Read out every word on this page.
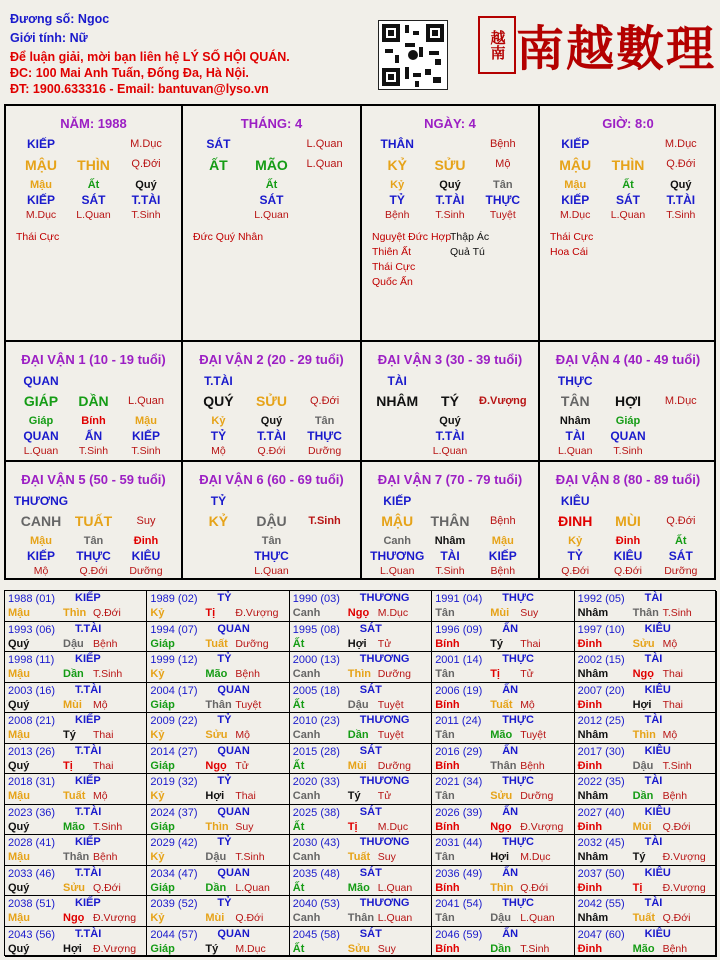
Đương số: Ngoc
Giới tính: Nữ
Để luận giải, mời bạn liên hệ LÝ SỐ HỘI QUÁN.
ĐC: 100 Mai Anh Tuấn, Đống Đa, Hà Nội.
ĐT: 1900.633316 - Email: bantuvan@lyso.vn
越南 南越數理
NĂM: 1988
KIẾP	M.Dục
MẬU	THÌN	Q.Đới
Mậu	Ất	Quý
KIẾP	SÁT	T.TÀI
M.Dục	L.Quan	T.Sinh
Thái Cực
THÁNG: 4
SÁT	L.Quan
ẤT	MÃO	L.Quan
Ất
SÁT
L.Quan
Đức Quý Nhân
NGÀY: 4
THÂN	Bệnh
KỶ	SỬU	Mộ
Kỷ	Quý	Tân
TỶ	T.TÀI	THỰC
Bệnh	T.Sinh	Tuyệt
Nguyệt Đức Hợp
Thiên Ất
Thái Cực
Quốc Ấn
Thập Ác
Quả Tú
GIỜ: 8:0
KIẾP	M.Dục
MẬU	THÌN	Q.Đới
Mậu	Ất	Quý
KIẾP	SÁT	T.TÀI
M.Dục	L.Quan	T.Sinh
Thái Cực
Hoa Cái
ĐẠI VẬN 1 (10 - 19 tuổi)
QUAN
GIÁP	DẦN	L.Quan
Giáp	Bính	Mậu
QUAN	ẤN	KIẾP
L.Quan	T.Sinh	T.Sinh
ĐẠI VẬN 2 (20 - 29 tuổi)
T.TÀI
QUÝ	SỬU	Q.Đới
Kỷ	Quý	Tân
TỶ	T.TÀI	THỰC
Mộ	Q.Đới	Dưỡng
ĐẠI VẬN 3 (30 - 39 tuổi)
TÀI
NHÂM	TÝ	Đ.Vượng
Quý
T.TÀI
L.Quan
ĐẠI VẬN 4 (40 - 49 tuổi)
THỰC
TÂN	HỢI	M.Dục
Nhâm	Giáp
TÀI	QUAN
L.Quan	T.Sinh
ĐẠI VẬN 5 (50 - 59 tuổi)
THƯƠNG
CANH TUẤT	Suy
Mậu	Tân	Đinh
KIẾP	THỰC	KIÊU
Mộ	Q.Đới	Dưỡng
ĐẠI VẬN 6 (60 - 69 tuổi)
TỶ
KỶ	DẬU	T.Sinh
Tân
THỰC
L.Quan
ĐẠI VẬN 7 (70 - 79 tuổi)
KIẾP
MẬU	THÂN	Bệnh
Canh	Nhâm	Mậu
THƯƠNG	TÀI	KIẾP
L.Quan	T.Sinh	Bệnh
ĐẠI VẬN 8 (80 - 89 tuổi)
KIÊU
ĐINH	MÙI	Q.Đới
Kỷ	Đinh	Ất
TỶ	KIÊU	SÁT
Q.Đới	Q.Đới	Dưỡng
1988 (01) KIẾP
Mậu	Thìn Q.Đới
1989 (02) TỶ
Kỷ	Tị Đ.Vượng
1990 (03) THƯƠNG
Canh	Ngọ M.Dục
1991 (04) THỰC
Tân	Mùi Suy
1992 (05) TÀI
Nhâm Thân T.Sinh
1993 (06) T.TÀI
Quý	Dậu Bệnh
1994 (07) QUAN
Giáp	Tuất Dưỡng
1995 (08) SÁT
Ất	Hợi Tử
1996 (09) ẤN
Bính	Tý Thai
1997 (10) KIÊU
Đinh	Sửu Mộ
1998 (11) KIẾP
Mậu	Dần T.Sinh
1999 (12) TỶ
Kỷ	Mão Bệnh
2000 (13) THƯƠNG
Canh	Thìn Dưỡng
2001 (14) THỰC
Tân	Tị Tử
2002 (15) TÀI
Nhâm Ngọ Thai
2003 (16) T.TÀI
Quý	Mùi Mộ
2004 (17) QUAN
Giáp	Thân Tuyệt
2005 (18) SÁT
Ất	Dậu Tuyệt
2006 (19) ẤN
Bính	Tuất Mộ
2007 (20) KIÊU
Đinh	Hợi Thai
2008 (21) KIẾP
Mậu	Tý Thai
2009 (22) TỶ
Kỷ	Sửu Mộ
2010 (23) THƯƠNG
Canh	Dần Tuyệt
2011 (24) THỰC
Tân	Mão Tuyệt
2012 (25) TÀI
Nhâm Thìn Mộ
2013 (26) T.TÀI
Quý	Tị Thai
2014 (27) QUAN
Giáp	Ngọ Tử
2015 (28) SÁT
Ất	Mùi Dưỡng
2016 (29) ẤN
Bính	Thân Bệnh
2017 (30) KIÊU
Đinh	Dậu T.Sinh
2018 (31) KIẾP
Mậu	Tuất Mộ
2019 (32) TỶ
Kỷ	Hợi Thai
2020 (33) THƯƠNG
Canh	Tý Tử
2021 (34) THỰC
Tân	Sửu Dưỡng
2022 (35) TÀI
Nhâm Dần Bệnh
2023 (36) T.TÀI
Quý	Mão T.Sinh
2024 (37) QUAN
Giáp	Thìn Suy
2025 (38) SÁT
Ất	Tị M.Dục
2026 (39) ẤN
Bính	Ngọ Đ.Vượng
2027 (40) KIÊU
Đinh	Mùi Q.Đới
2028 (41) KIẾP
Mậu	Thân Bệnh
2029 (42) TỶ
Kỷ	Dậu T.Sinh
2030 (43) THƯƠNG
Canh	Tuất Suy
2031 (44) THỰC
Tân	Hợi M.Dục
2032 (45) TÀI
Nhâm Tý Đ.Vượng
2033 (46) T.TÀI
Quý	Sửu Q.Đới
2034 (47) QUAN
Giáp	Dần L.Quan
2035 (48) SÁT
Ất	Mão L.Quan
2036 (49) ẤN
Bính	Thìn Q.Đới
2037 (50) KIÊU
Đinh	Tị Đ.Vượng
2038 (51) KIẾP
Mậu	Ngọ Đ.Vượng
2039 (52) TỶ
Kỷ	Mùi Q.Đới
2040 (53) THƯƠNG
Canh	Thân L.Quan
2041 (54) THỰC
Tân	Dậu L.Quan
2042 (55) TÀI
Nhâm Tuất Q.Đới
2043 (56) T.TÀI
Quý	Hợi Đ.Vượng
2044 (57) QUAN
Giáp	Tý M.Dục
2045 (58) SÁT
Ất	Sửu Suy
2046 (59) ẤN
Bính	Dần T.Sinh
2047 (60) KIÊU
Đinh	Mão Bệnh
